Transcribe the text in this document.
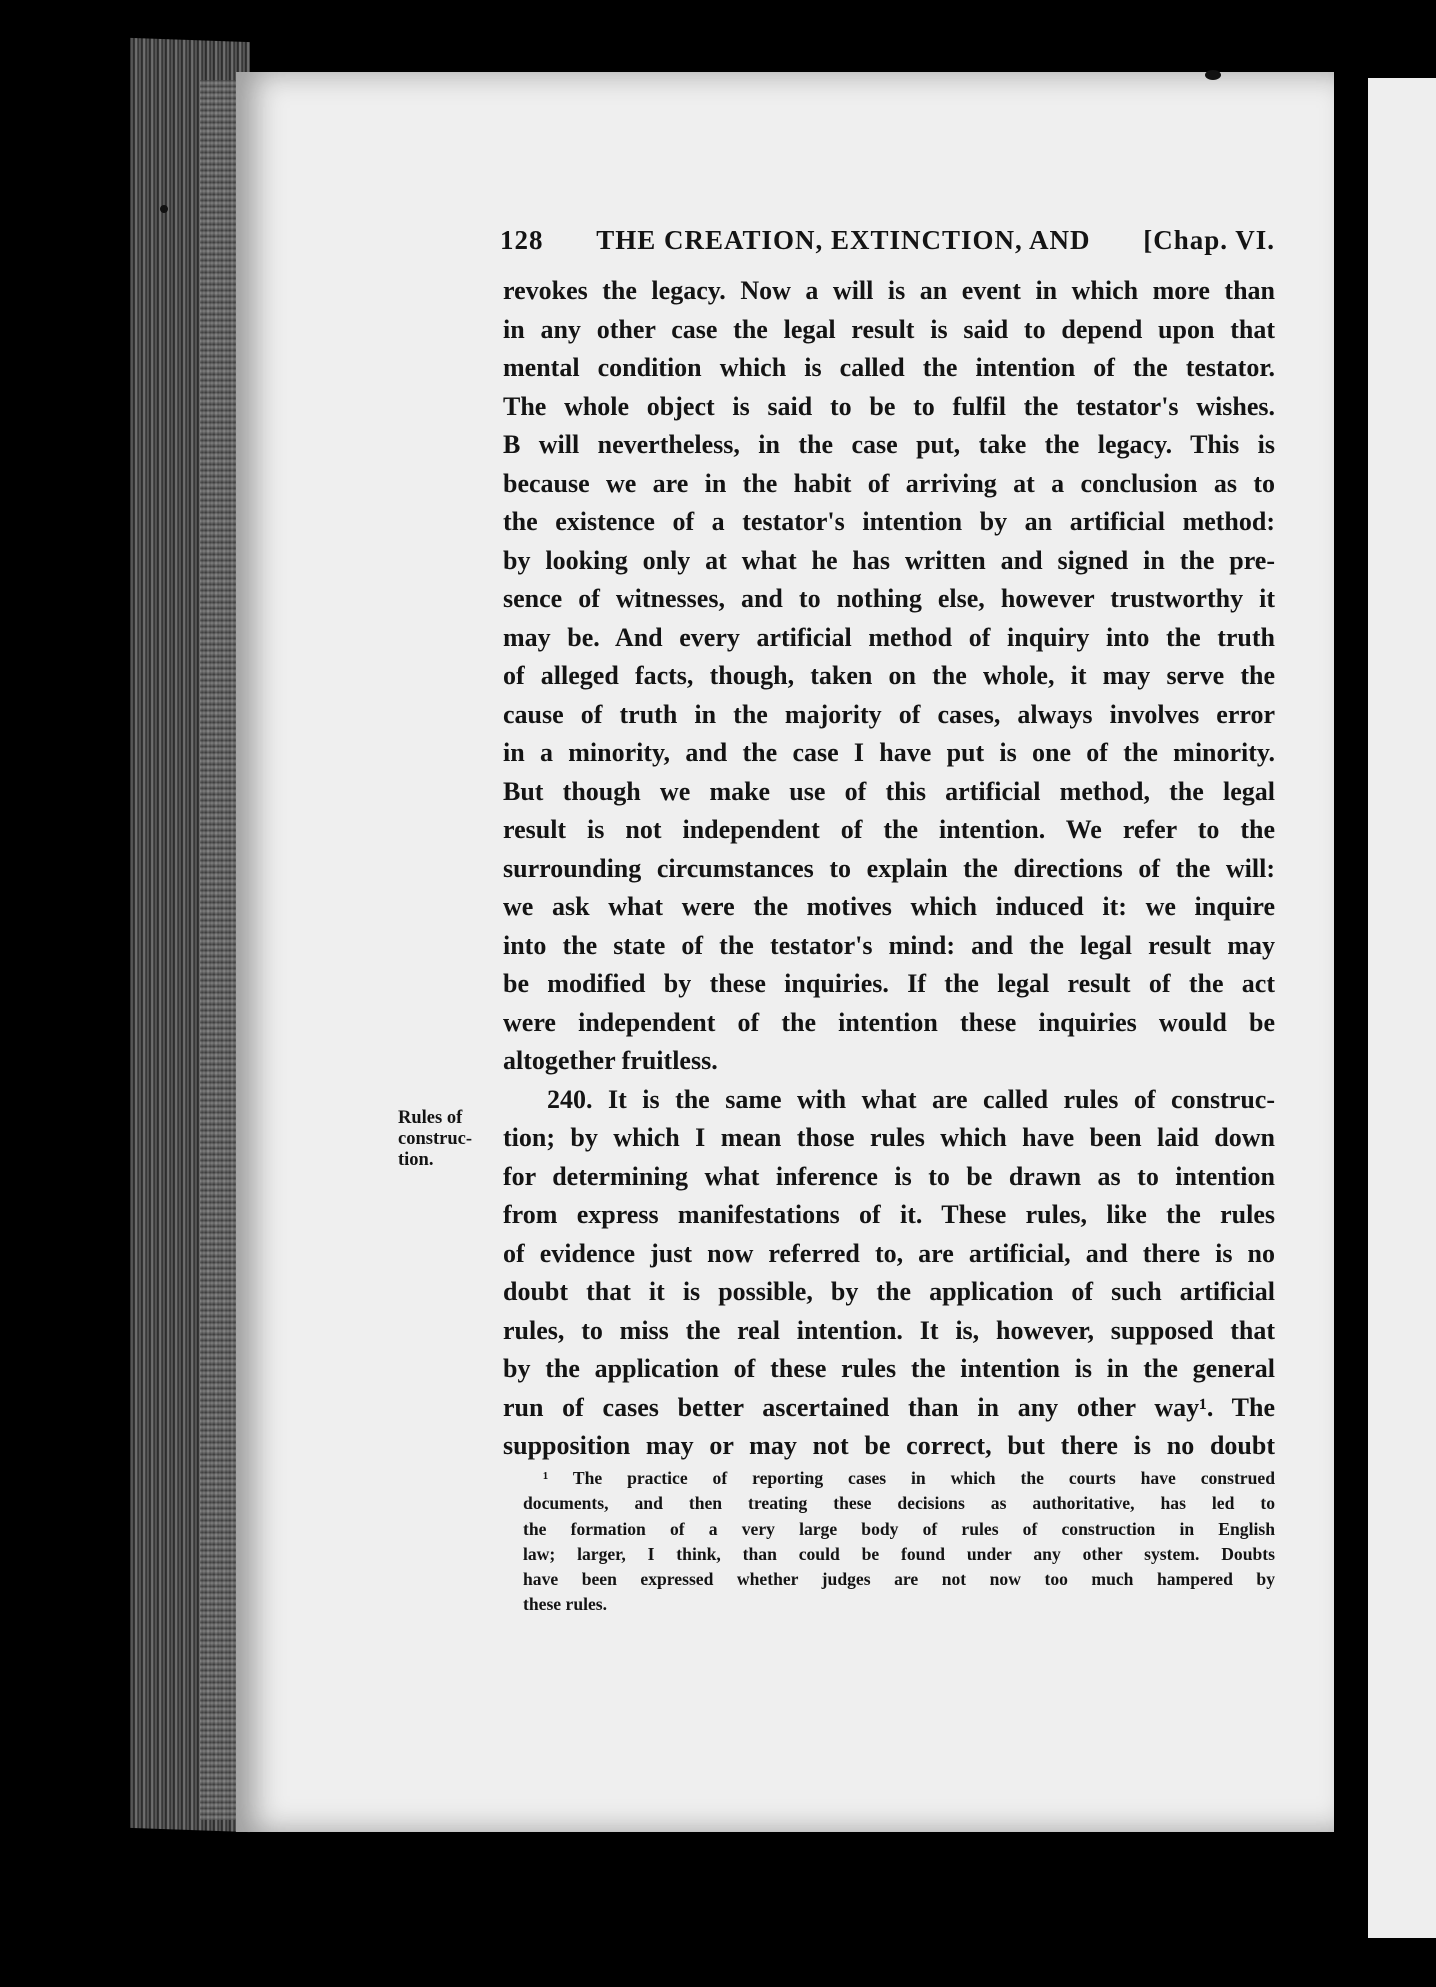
128 THE CREATION, EXTINCTION, AND [Chap. VI.
revokes the legacy. Now a will is an event in which more than
in any other case the legal result is said to depend upon that
mental condition which is called the intention of the testator.
The whole object is said to be to fulfil the testator's wishes.
B will nevertheless, in the case put, take the legacy. This is
because we are in the habit of arriving at a conclusion as to
the existence of a testator's intention by an artificial method:
by looking only at what he has written and signed in the pre-
sence of witnesses, and to nothing else, however trustworthy it
may be. And every artificial method of inquiry into the truth
of alleged facts, though, taken on the whole, it may serve the
cause of truth in the majority of cases, always involves error
in a minority, and the case I have put is one of the minority.
But though we make use of this artificial method, the legal
result is not independent of the intention. We refer to the
surrounding circumstances to explain the directions of the will:
we ask what were the motives which induced it: we inquire
into the state of the testator's mind: and the legal result may
be modified by these inquiries. If the legal result of the act
were independent of the intention these inquiries would be
altogether fruitless.
240. It is the same with what are called rules of construc-
tion; by which I mean those rules which have been laid down
for determining what inference is to be drawn as to intention
from express manifestations of it. These rules, like the rules
of evidence just now referred to, are artificial, and there is no
doubt that it is possible, by the application of such artificial
rules, to miss the real intention. It is, however, supposed that
by the application of these rules the intention is in the general
run of cases better ascertained than in any other way¹. The
supposition may or may not be correct, but there is no doubt
Rules of
construc-
tion.
¹ The practice of reporting cases in which the courts have construed
documents, and then treating these decisions as authoritative, has led to
the formation of a very large body of rules of construction in English
law; larger, I think, than could be found under any other system. Doubts
have been expressed whether judges are not now too much hampered by
these rules.
